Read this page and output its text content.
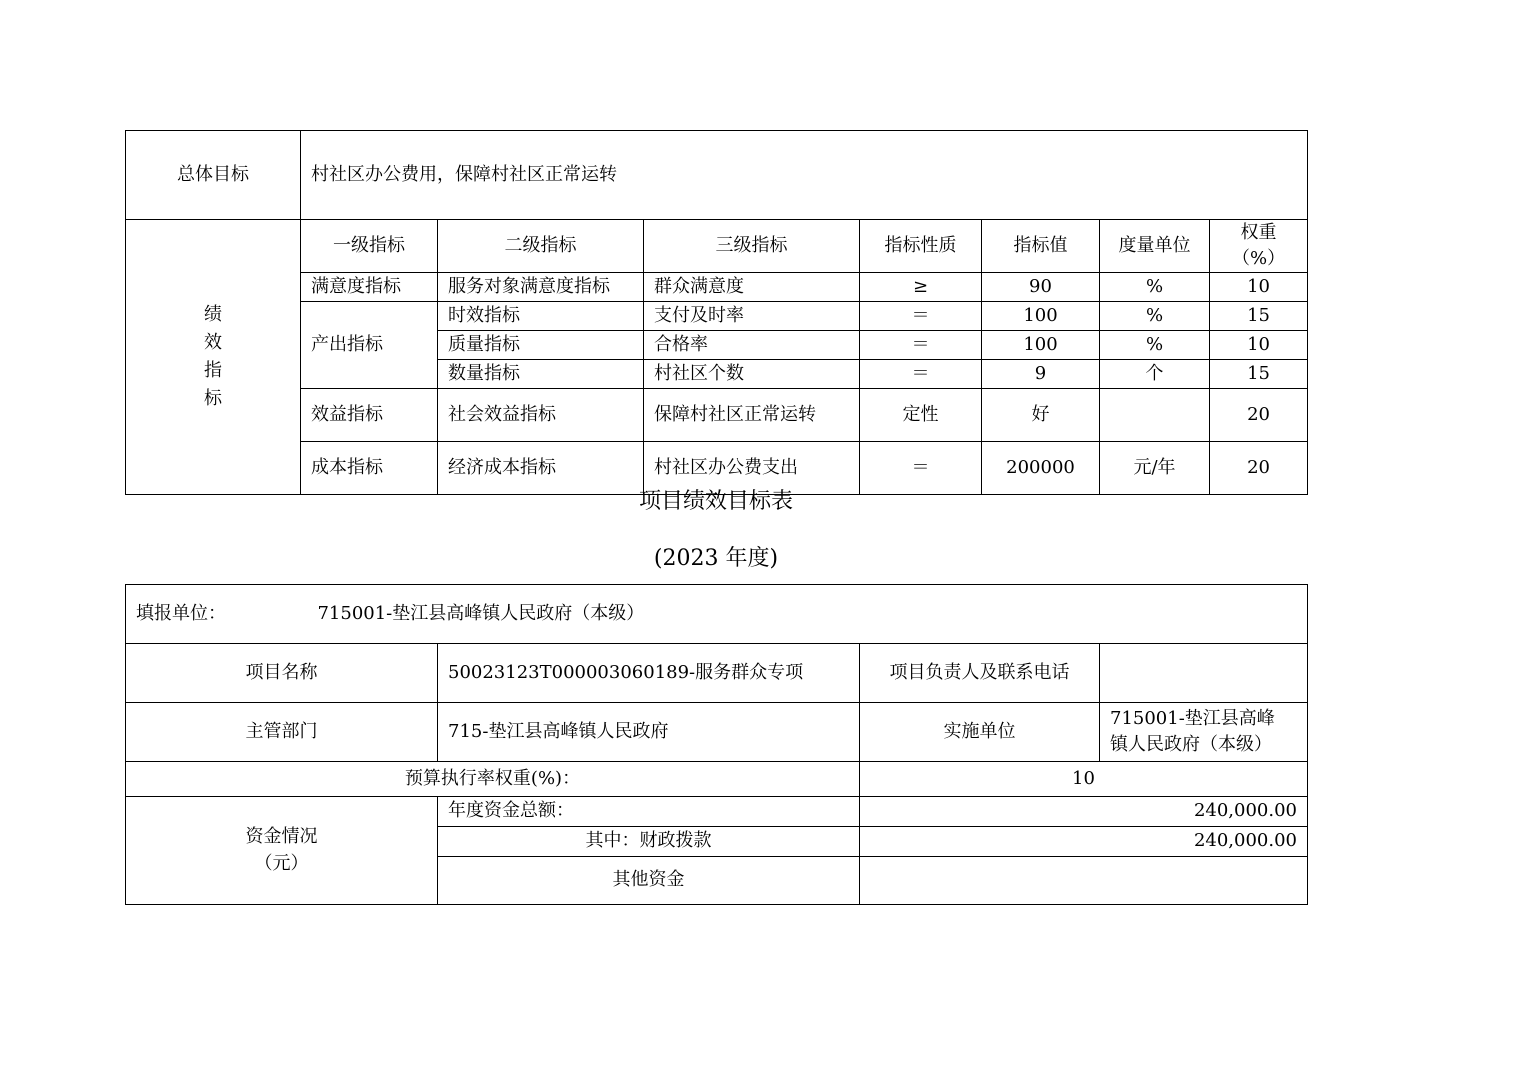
总体目标	村社区办公费用，保障村社区正常运转						
绩
效
指
标	一级指标	二级指标	三级指标	指标性质	指标值	度量单位	权重（%）
	满意度指标	服务对象满意度指标	群众满意度	≥	90	%	10
	产出指标	时效指标	支付及时率	＝	100	%	15
		质量指标	合格率	＝	100	%	10
		数量指标	村社区个数	＝	9	个	15
	效益指标	社会效益指标	保障村社区正常运转	定性	好		20
	成本指标	经济成本指标	村社区办公费支出	＝	200000	元/年	20
项目绩效目标表
(2023 年度)
填报单位： 715001-垫江县高峰镇人民政府（本级）			
项目名称	50023123T000003060189-服务群众专项	项目负责人及联系电话	
主管部门	715-垫江县高峰镇人民政府	实施单位	715001-垫江县高峰
镇人民政府（本级）
预算执行率权重(%)：		10	
资金情况
（元）	年度资金总额：	240,000.00	
	其中：财政拨款	240,000.00	
	其他资金		
